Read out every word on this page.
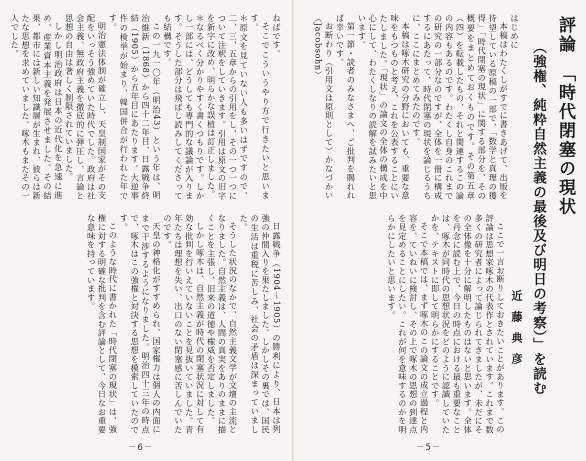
評論　「時代閉塞の現状
（強権、純粋自然主義の最後及び明日の考察）」を読む
近藤典彦

はじめに

本稿はわたくしがすでに書きあげて、出版を待望している原稿の一部で、「数学と真理の獲得」「時代閉塞の現状」に関する部分を、その概要をまとめておくものです。その第五章（四）を転載したもの、それと関連するこの論の内容もあるのです。わたくし自身のこれまでの研究の一部分なのですが、全体を一冊に構成するにあたって、時代閉塞の現状を論じるうちに、ここにまとめてみたのです。

本稿は啄木研究の分野においても、重要な意味をもつものと考え、これを公表することにいたしました。「現状」の論文の全体の構成を中心にして、わたくしなりの読解を試みたいと思います。

第一節・読者のみなさまへ、ご批判を賜れれば幸いです。

お断わり（引用文は原則として）かなづかい（Jacobsohn）

ここで一言お断りしておきたいことがあります。この評論は思想家啄木の代表作とされています。これまで数多くの研究者によって論じられてきましたが、未だにその全体像を十分に解明したものはないと思います。全体を丹念に読む上で、今日の時点における最も重要なことは、啄木が同時代の思想状況をどのように認識していたかを、テキストに即して明らかにすることです。

そこで本稿では、まず啄木のこの論文の成立過程と内容を、ていねいに検討し、その上で啄木の思想の到達点を見定めることにしたい。これが何を意味するのかを明らかにしたいと思います。

－5－

ねばです。

そこでこういうやり方で行きたいと思います。

＊原文を見ていない人も多いはずですので、二、三、五章からの引用をし、その一つ一つについて注釈をしていきます。引用は原文の旧字を新字に改め、明らかな誤植は訂正しました。

＊なるべく分かりやすく書くつもりです。しかし一部には、どうしても専門的な議論が入ります。そうした部分は飛ばし読みしてくださっても結構です。

この一九一〇年（明治43）という年は、明治維新（1868）から四十二年目、日露戦争終結（1905）から五年目にあたります。大逆事件の検挙が始まり、韓国併合が行われた年です。

明治憲法体制が確立し、天皇制国家がその支配をいっそう強めていた時代でした。政府は社会主義、無政府主義を徹底的に弾圧し、言論と思想の自由は著しく制限されていました。

しかし明治政府は日本の近代化を急速に進め、産業資本主義を発展させました。その結果、都市には新しい知識層が生まれ、彼らは新たな思想を求めていました。啄木もまたその一人でした。

日露戦争（1904〜1905）の勝利により、日本は列強の仲間入りを果たしました。しかしその裏では、国民の生活は重税に苦しみ、社会の矛盾は深まっていました。

そうした状況のなかで、自然主義文学が文壇の主流となりました。自然主義は、人間の真実をありのままに描くことを主張し、旧来の道徳や権威を否定しました。

しかし啄木は、自然主義が時代の閉塞状況に対して有効な批判を行いえていないことを見抜いていました。青年たちは理想を失い、出口のない閉塞感に苦しんでいたのです。

天皇の神格化がすすめられ、国家権力は個人の内面にまで干渉するようになりました。明治四十三年の時点で、啄木はこの強権と対決する思想を模索していたのです。

このような時代に書かれた「時代閉塞の現状」は、強権に対する明確な批判を含む評論として、今日なお重要な意味を持っています。

－6－
